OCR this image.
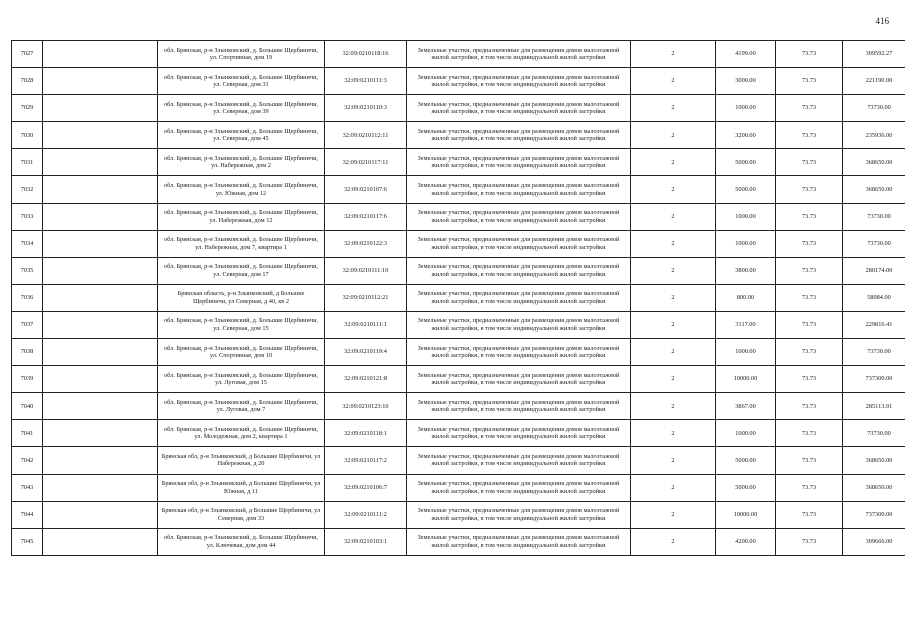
416
7027		обл. Брянская, р-н Злынковский, д. Большие Щербиничи, ул. Спортивная, дом 19	32:09:0210118:16	Земельные участки, предназначенные для размещения домов малоэтажной жилой застройки, в том числе индивидуальной жилой застройки	2	4199.00	73.73	309592.27
7028		обл. Брянская, р-н Злынковский, д. Большие Щербиничи, ул. Северная, дом 31	32:09:0210111:3	Земельные участки, предназначенные для размещения домов малоэтажной жилой застройки, в том числе индивидуальной жилой застройки	2	3000.00	73.73	221190.00
7029		обл. Брянская, р-н Злынковский, д. Большие Щербиничи, ул. Северная, дом 39	32:09:0210110:3	Земельные участки, предназначенные для размещения домов малоэтажной жилой застройки, в том числе индивидуальной жилой застройки	2	1000.00	73.73	73730.00
7030		обл. Брянская, р-н Злынковский, д. Большие Щербиничи, ул. Северная, дом 45	32:09:0210112:11	Земельные участки, предназначенные для размещения домов малоэтажной жилой застройки, в том числе индивидуальной жилой застройки	2	3200.00	73.73	235936.00
7031		обл. Брянская, р-н Злынковский, д. Большие Щербиничи, ул. Набережная, дом 2	32:09:0210117:11	Земельные участки, предназначенные для размещения домов малоэтажной жилой застройки, в том числе индивидуальной жилой застройки	2	5000.00	73.73	368650.00
7032		обл. Брянская, р-н Злынковский, д. Большие Щербиничи, ул. Южная, дом 12	32:09:0210107:6	Земельные участки, предназначенные для размещения домов малоэтажной жилой застройки, в том числе индивидуальной жилой застройки	2	5000.00	73.73	368650.00
7033		обл. Брянская, р-н Злынковский, д. Большие Щербиничи, ул. Набережная, дом 12	32:09:0210117:6	Земельные участки, предназначенные для размещения домов малоэтажной жилой застройки, в том числе индивидуальной жилой застройки	2	1000.00	73.73	73730.00
7034		обл. Брянская, р-н Злынковский, д. Большие Щербиничи, ул. Набережная, дом 7, квартира 1	32:09:0210122:3	Земельные участки, предназначенные для размещения домов малоэтажной жилой застройки, в том числе индивидуальной жилой застройки	2	1000.00	73.73	73730.00
7035		обл. Брянская, р-н Злынковский, д. Большие Щербиничи, ул. Северная, дом 17	32:09:0210111:10	Земельные участки, предназначенные для размещения домов малоэтажной жилой застройки, в том числе индивидуальной жилой застройки	2	3800.00	73.73	280174.00
7036		Брянская область, р-н Злынковский, д Большие Щербиничи, ул Северная, д 40, кв 2	32:09:0210112:21	Земельные участки, предназначенные для размещения домов малоэтажной жилой застройки, в том числе индивидуальной жилой застройки	2	800.00	73.73	58984.00
7037		обл. Брянская, р-н Злынковский, д. Большие Щербиничи, ул. Северная, дом 15	32:09:0210111:1	Земельные участки, предназначенные для размещения домов малоэтажной жилой застройки, в том числе индивидуальной жилой застройки	2	3117.00	73.73	229816.41
7038		обл. Брянская, р-н Злынковский, д. Большие Щербиничи, ул. Спортивная, дом 10	32:09:0210119:4	Земельные участки, предназначенные для размещения домов малоэтажной жилой застройки, в том числе индивидуальной жилой застройки	2	1000.00	73.73	73730.00
7039		обл. Брянская, р-н Злынковский, д. Большие Щербиничи, ул. Луговая, дом 15	32:09:0210121:8	Земельные участки, предназначенные для размещения домов малоэтажной жилой застройки, в том числе индивидуальной жилой застройки	2	10000.00	73.73	737300.00
7040		обл. Брянская, р-н Злынковский, д. Большие Щербиничи, ул. Луговая, дом 7	32:09:0210123:10	Земельные участки, предназначенные для размещения домов малоэтажной жилой застройки, в том числе индивидуальной жилой застройки	2	3867.00	73.73	285113.91
7041		обл. Брянская, р-н Злынковский, д. Большие Щербиничи, ул. Молодежная, дом 2, квартира 1	32:09:0210118:1	Земельные участки, предназначенные для размещения домов малоэтажной жилой застройки, в том числе индивидуальной жилой застройки	2	1000.00	73.73	73730.00
7042		Брянская обл, р-н Злынковский, д Большие Щербиничи, ул Набережная, д 20	32:09:0210117:2	Земельные участки, предназначенные для размещения домов малоэтажной жилой застройки, в том числе индивидуальной жилой застройки	2	5000.00	73.73	368650.00
7043		Брянская обл, р-н Злынковский, д Большие Щербиничи, ул Южная, д 11	32:09:0210106:7	Земельные участки, предназначенные для размещения домов малоэтажной жилой застройки, в том числе индивидуальной жилой застройки	2	5000.00	73.73	368650.00
7044		Брянская обл, р-н Злынковский, д Большие Щербиничи, ул Северная, дом 33	32:09:0210111:2	Земельные участки, предназначенные для размещения домов малоэтажной жилой застройки, в том числе индивидуальной жилой застройки	2	10000.00	73.73	737300.00
7045		обл. Брянская, р-н Злынковский, д. Большие Щербиничи, ул. Ключевая, дом дом 44	32:09:0210103:1	Земельные участки, предназначенные для размещения домов малоэтажной жилой застройки, в том числе индивидуальной жилой застройки	2	4200.00	73.73	309666.00
